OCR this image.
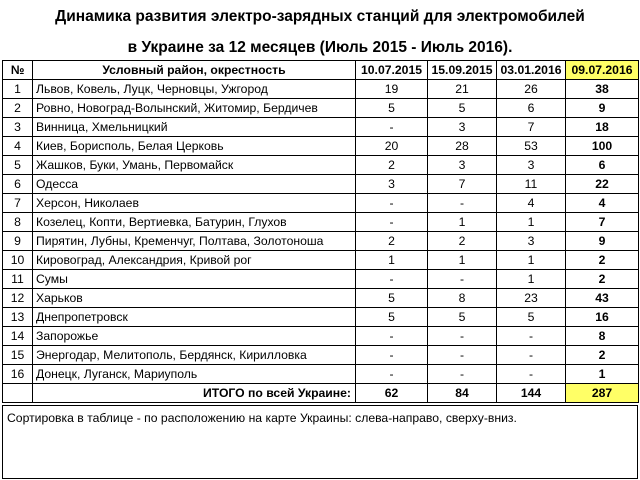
Динамика развития электро-зарядных станций для электромобилей
в Украине за 12 месяцев (Июль 2015 - Июль 2016).
№	Условный район, окрестность	10.07.2015	15.09.2015	03.01.2016	09.07.2016
1	Львов, Ковель, Луцк, Черновцы, Ужгород	19	21	26	38
2	Ровно, Новоград-Волынский, Житомир, Бердичев	5	5	6	9
3	Винница, Хмельницкий	-	3	7	18
4	Киев, Борисполь, Белая Церковь	20	28	53	100
5	Жашков, Буки, Умань, Первомайск	2	3	3	6
6	Одесса	3	7	11	22
7	Херсон, Николаев	-	-	4	4
8	Козелец, Копти, Вертиевка, Батурин, Глухов	-	1	1	7
9	Пирятин, Лубны, Кременчуг, Полтава, Золотоноша	2	2	3	9
10	Кировоград, Александрия, Кривой рог	1	1	1	2
11	Сумы	-	-	1	2
12	Харьков	5	8	23	43
13	Днепропетровск	5	5	5	16
14	Запорожье	-	-	-	8
15	Энергодар, Мелитополь, Бердянск, Кирилловка	-	-	-	2
16	Донецк, Луганск, Мариуполь	-	-	-	1
	ИТОГО по всей Украине:	62	84	144	287
Сортировка в таблице - по расположению на карте Украины: слева-направо, сверху-вниз.
